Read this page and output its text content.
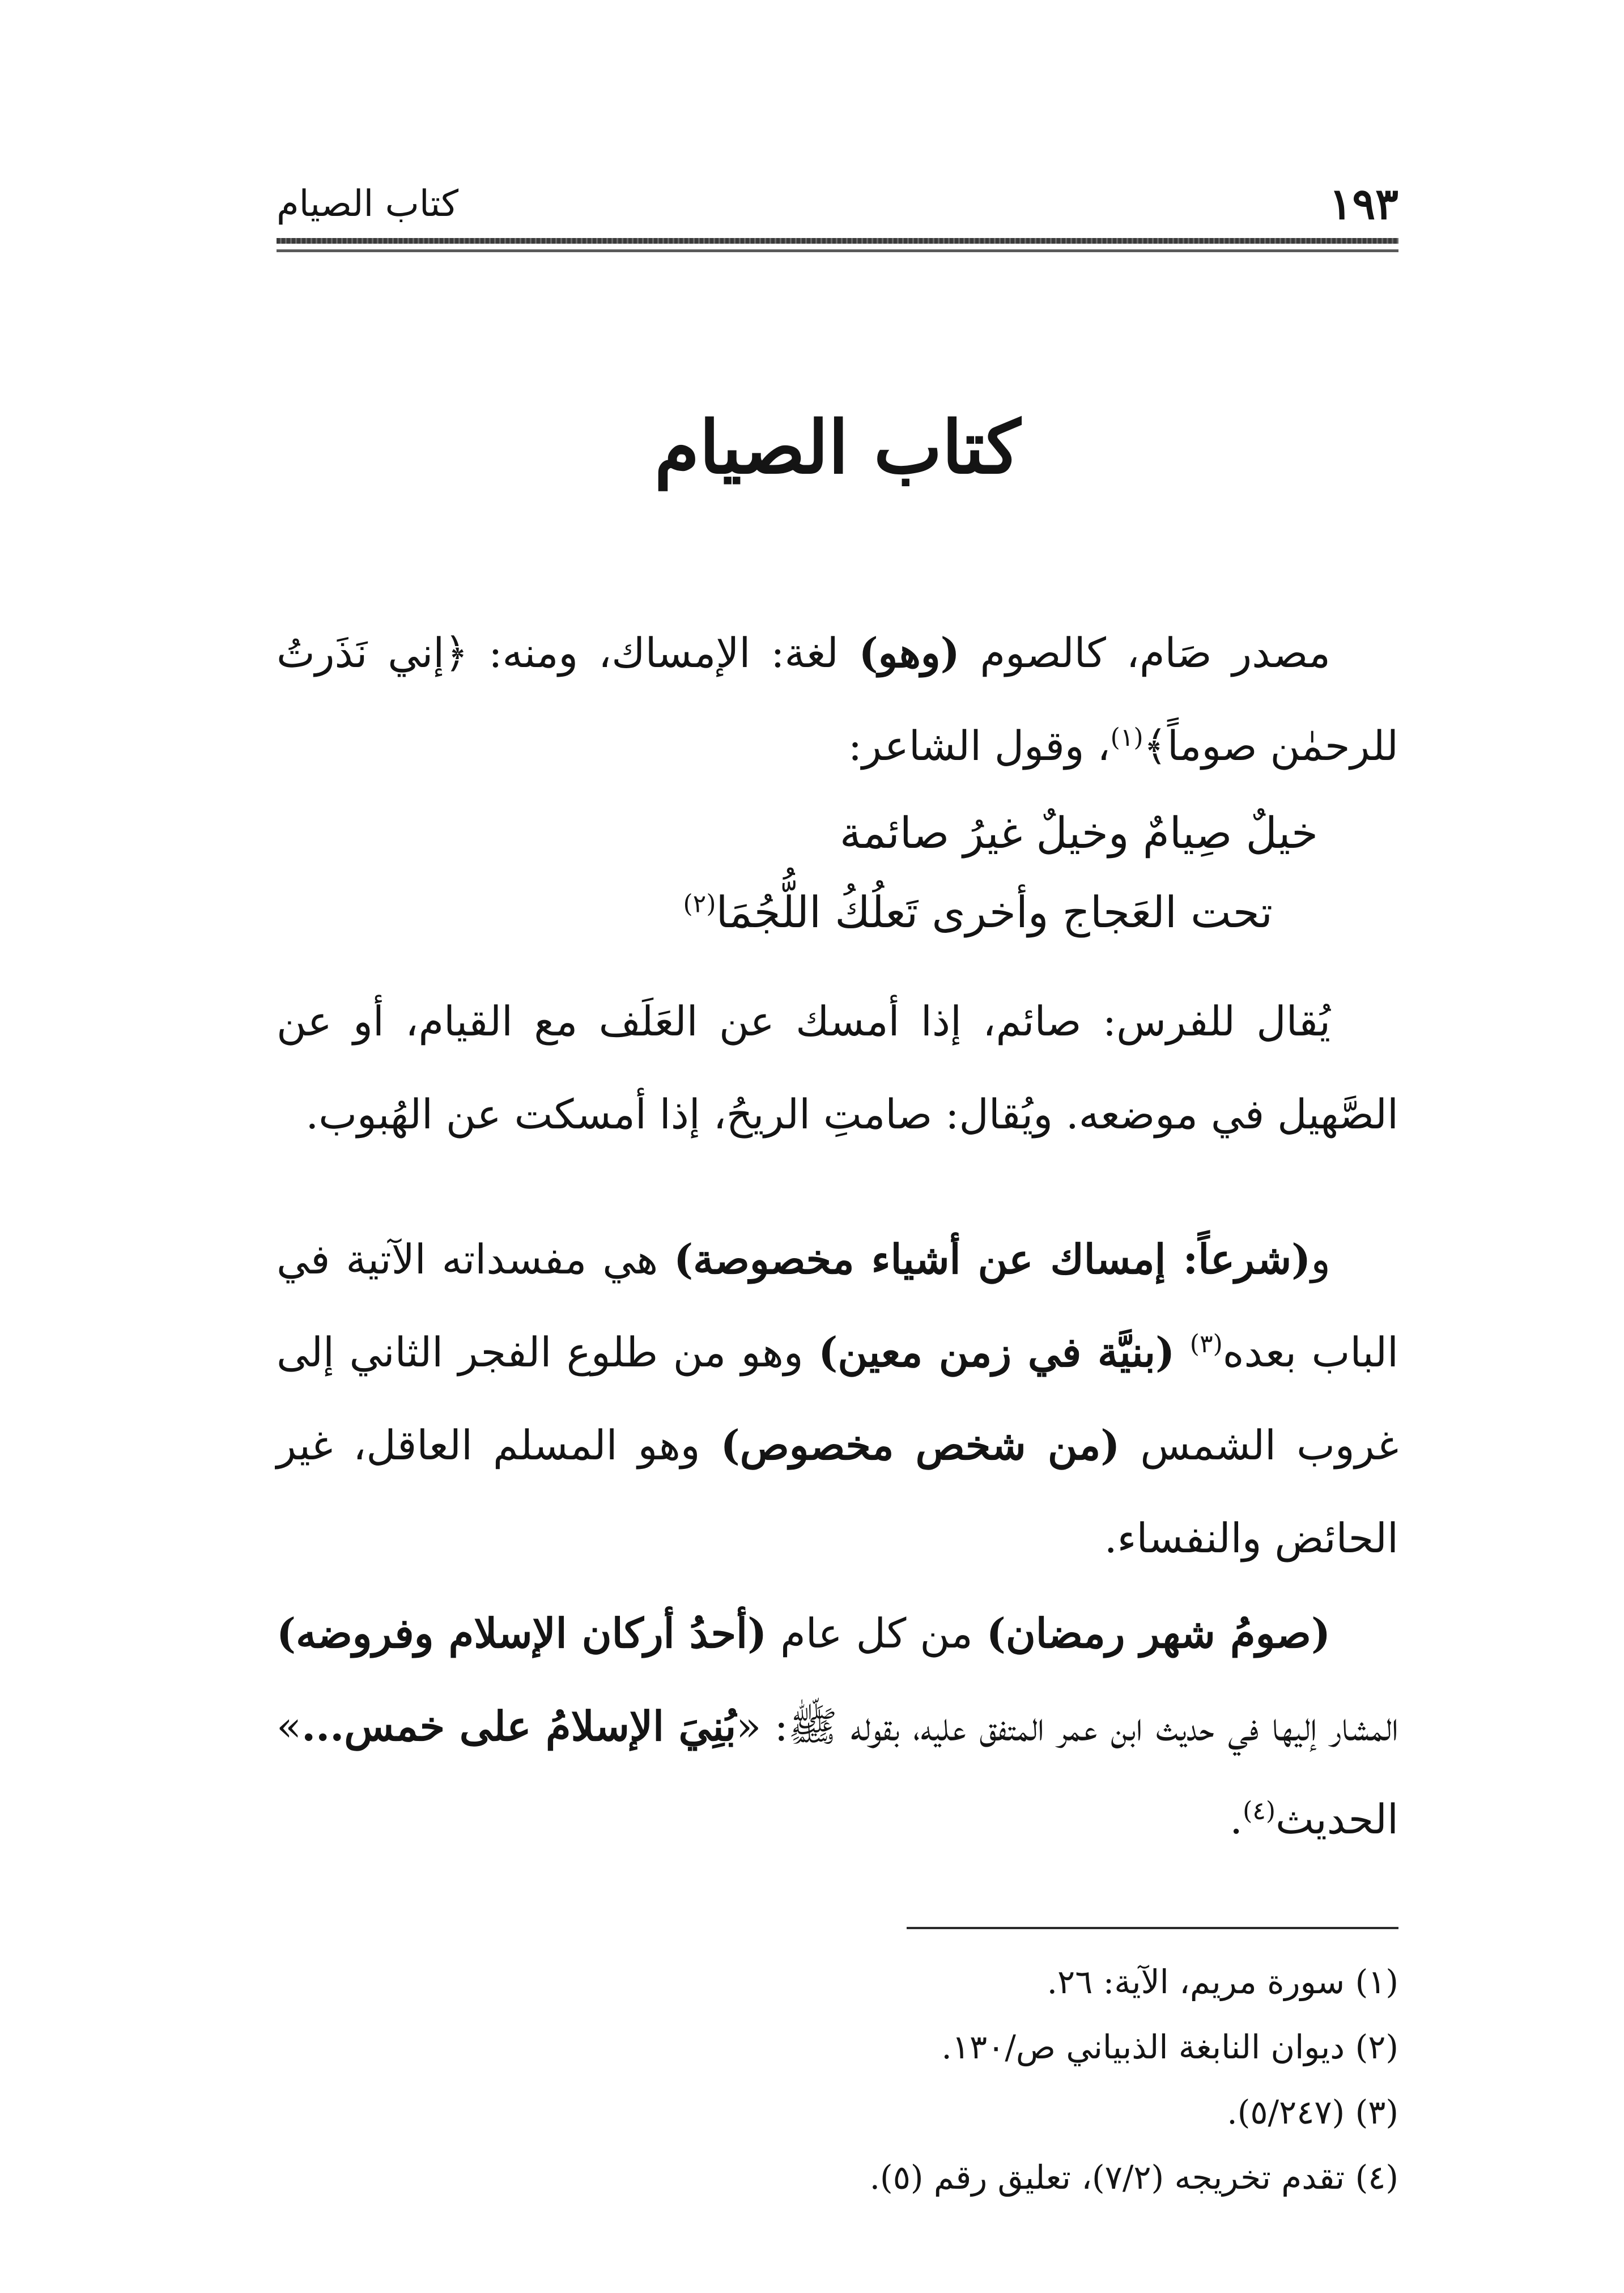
كتاب الصيام	١٩٣
كتاب الصيام
مصدر صَام، كالصوم (وهو) لغة: الإمساك، ومنه: ﴿إني نَذَرتُ للرحمٰن صوماً﴾$^{(١)}$، وقول الشاعر:
خيلٌ صِيامٌ وخيلٌ غيرُ صائمة
تحت العَجاج وأخرى تَعلُكُ اللُّجُمَا$^{(٢)}$
يُقال للفرس: صائم، إذا أمسك عن العَلَف مع القيام، أو عن الصَّهيل في موضعه. ويُقال: صامتِ الريحُ، إذا أمسكت عن الهُبوب.
و(شرعاً: إمساك عن أشياء مخصوصة) هي مفسداته الآتية في الباب بعده$^{(٣)}$ (بنيَّة في زمن معين) وهو من طلوع الفجر الثاني إلى غروب الشمس (من شخص مخصوص) وهو المسلم العاقل، غير الحائض والنفساء.
(صومُ شهر رمضان) من كل عام (أحدُ أركان الإسلام وفروضه) المشار إليها في حديث ابن عمر المتفق عليه، بقوله ﷺ: «بُنِيَ الإسلامُ على خمس...» الحديث$^{(٤)}$.
(١) سورة مريم، الآية: ٢٦.
(٢) ديوان النابغة الذبياني ص/١٣٠.
(٣) (٥/٢٤٧).
(٤) تقدم تخريجه (٧/٢)، تعليق رقم (٥).
